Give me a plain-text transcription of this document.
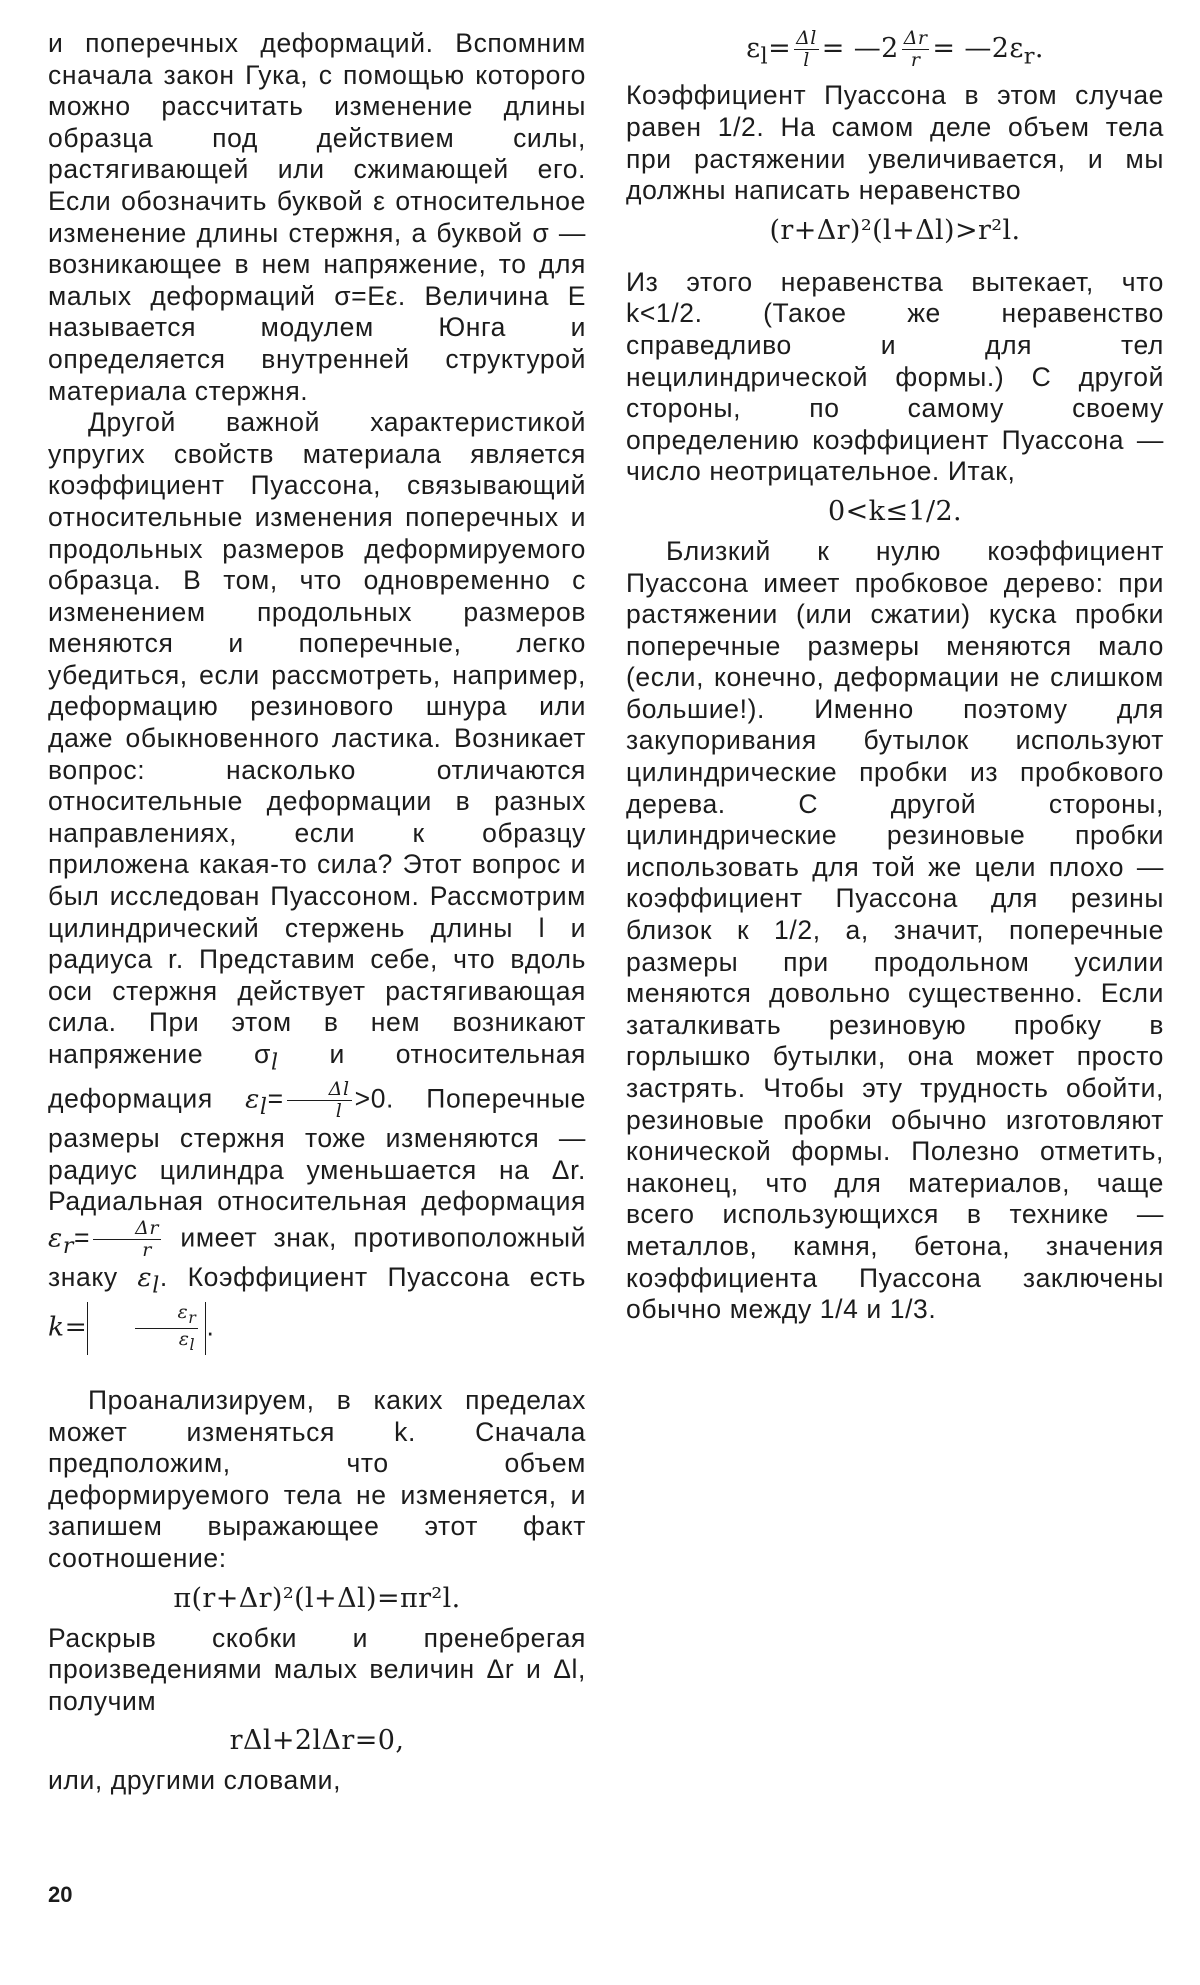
и поперечных деформаций. Вспомним сначала закон Гука, с помощью которого можно рассчитать изменение длины образца под действием силы, растягивающей или сжимающей его. Если обозначить буквой ε относительное изменение длины стержня, а буквой σ — возникающее в нем напряжение, то для малых деформаций σ=Eε. Величина E называется модулем Юнга и определяется внутренней структурой материала стержня.

Другой важной характеристикой упругих свойств материала является коэффициент Пуассона, связывающий относительные изменения поперечных и продольных размеров деформируемого образца. В том, что одновременно с изменением продольных размеров меняются и поперечные, легко убедиться, если рассмотреть, например, деформацию резинового шнура или даже обыкновенного ластика. Возникает вопрос: насколько отличаются относительные деформации в разных направлениях, если к образцу приложена какая-то сила? Этот вопрос и был исследован Пуассоном. Рассмотрим цилиндрический стержень длины l и радиуса r. Представим себе, что вдоль оси стержня действует растягивающая сила. При этом в нем возникают напряжение $\sigma_l$ и относительная деформация $\varepsilon_l= \frac{\Delta l}{l} >0$. Поперечные размеры стержня тоже изменяются — радиус цилиндра уменьшается на Δr. Радиальная относительная деформация $\varepsilon_r= \frac{\Delta r}{r}$ имеет знак, противоположный знаку $\varepsilon_l$. Коэффициент Пуассона есть k=	$\frac{\varepsilon_r}{\varepsilon_l}$ .

Проанализируем, в каких пределах может изменяться k. Сначала предположим, что объем деформируемого тела не изменяется, и запишем выражающее этот факт соотношение:

π(r+Δr)²(l+Δl)=πr²l.

Раскрыв скобки и пренебрегая произведениями малых величин Δr и Δl, получим

rΔl+2lΔr=0,

или, другими словами,

$\varepsilon_l= \frac{\Delta l}{l}$ = —2 $\frac{\Delta r}{r}$ = $—2\varepsilon_r$.

Коэффициент Пуассона в этом случае равен 1/2. На самом деле объем тела при растяжении увеличивается, и мы должны написать неравенство

(r+Δr)²(l+Δl)>r²l.

Из этого неравенства вытекает, что k<1/2. (Такое же неравенство справедливо и для тел нецилиндрической формы.) С другой стороны, по самому своему определению коэффициент Пуассона — число неотрицательное. Итак,

0<k≤1/2.

Близкий к нулю коэффициент Пуассона имеет пробковое дерево: при растяжении (или сжатии) куска пробки поперечные размеры меняются мало (если, конечно, деформации не слишком большие!). Именно поэтому для закупоривания бутылок используют цилиндрические пробки из пробкового дерева. С другой стороны, цилиндрические резиновые пробки использовать для той же цели плохо — коэффициент Пуассона для резины близок к 1/2, а, значит, поперечные размеры при продольном усилии меняются довольно существенно. Если заталкивать резиновую пробку в горлышко бутылки, она может просто застрять. Чтобы эту трудность обойти, резиновые пробки обычно изготовляют конической формы. Полезно отметить, наконец, что для материалов, чаще всего использующихся в технике — металлов, камня, бетона, значения коэффициента Пуассона заключены обычно между 1/4 и 1/3.

20
